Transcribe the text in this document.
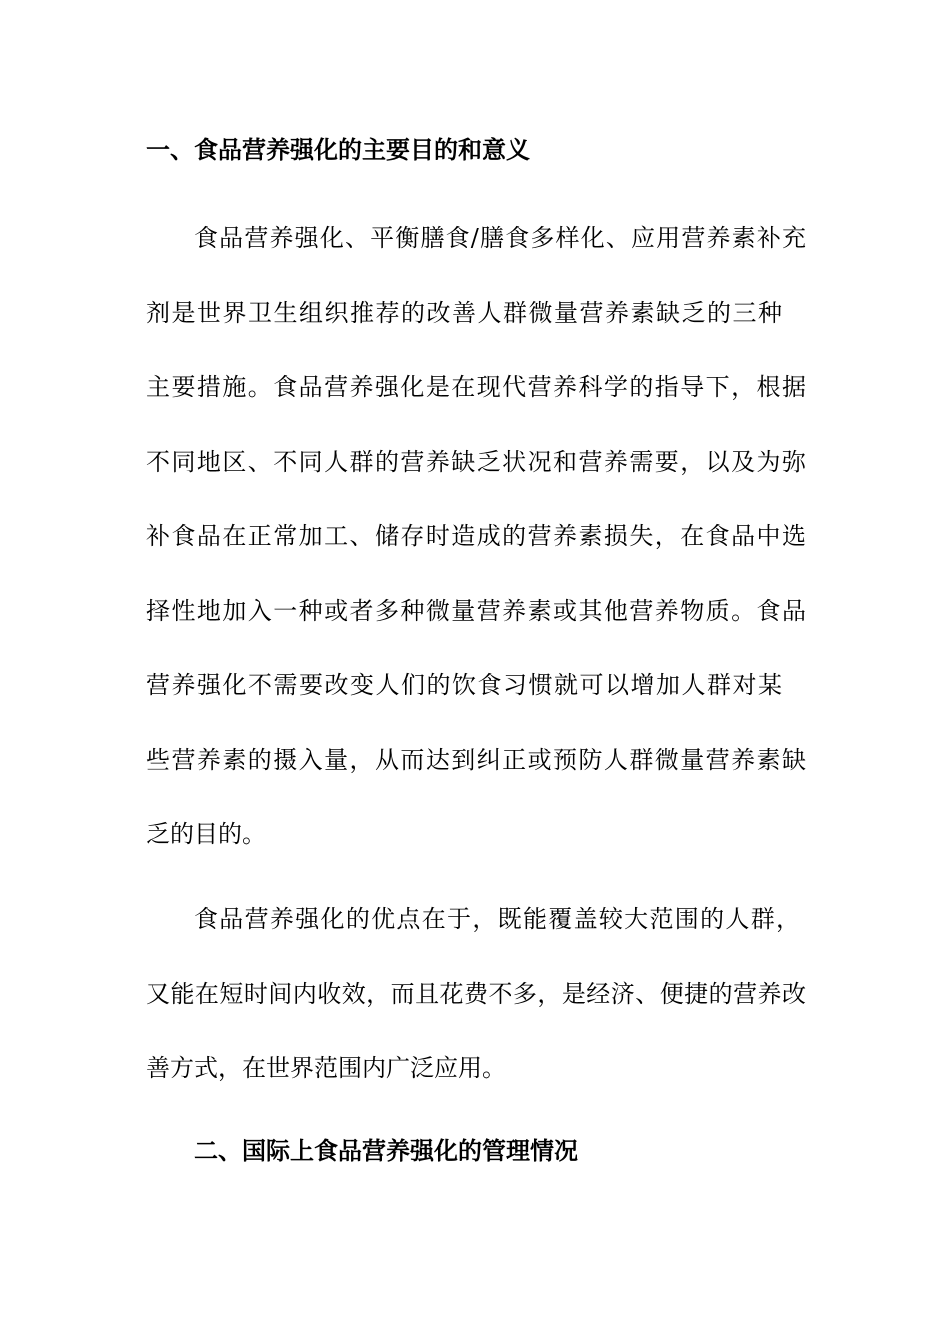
一、食品营养强化的主要目的和意义
食品营养强化、平衡膳食/膳食多样化、应用营养素补充
剂是世界卫生组织推荐的改善人群微量营养素缺乏的三种
主要措施。食品营养强化是在现代营养科学的指导下，根据
不同地区、不同人群的营养缺乏状况和营养需要，以及为弥
补食品在正常加工、储存时造成的营养素损失，在食品中选
择性地加入一种或者多种微量营养素或其他营养物质。食品
营养强化不需要改变人们的饮食习惯就可以增加人群对某
些营养素的摄入量，从而达到纠正或预防人群微量营养素缺
乏的目的。
食品营养强化的优点在于，既能覆盖较大范围的人群，
又能在短时间内收效，而且花费不多，是经济、便捷的营养改
善方式，在世界范围内广泛应用。
二、国际上食品营养强化的管理情况
